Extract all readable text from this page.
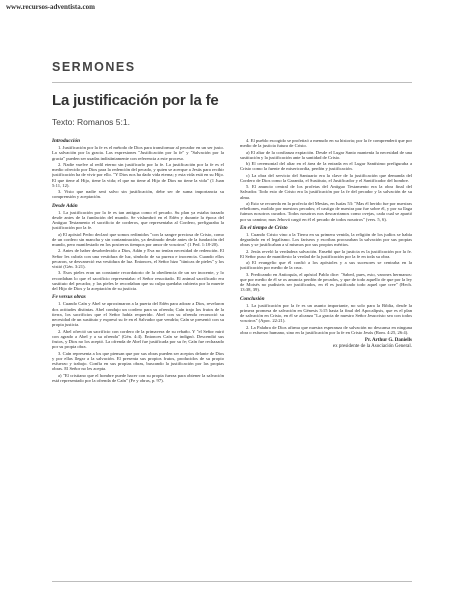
www.recursos-adventista.com
SERMONES
La justificación por la fe
Texto: Romanos 5:1.
Introducción

1. Justificación por la fe es el método de Dios para transformar al pecador en un ser justo. La salvación por la gracia. Las expresiones "Justificación por la fe" y "Salvación por la gracia" pueden ser usadas indistintamente con referencia a este proceso.

2. Nadie vuelve al redil eterno sin justificarlo por la fe. La justificación por la fe es el medio ofrecido por Dios para la redención del pecado, y quien se acerque a Jesús para recibir justificación ha de vivir por ello. "Y Dios nos ha dado vida eterna; y esta vida está en su Hijo. El que tiene al Hijo, tiene la vida; el que no tiene al Hijo de Dios no tiene la vida" (1 Juan 5:11, 12).

3. Visto que nadie será salvo sin justificación, debe ser de suma importancia su comprensión y aceptación.

Desde Adán

1. La justificación por la fe es tan antigua como el pecado. Su plan ya estaba trazado desde antes de la fundación del mundo. Se vislumbró en el Edén y durante la época del Antiguo Testamento el sacrificio de corderos, que representaba al Cordero, prefiguraba la justificación por la fe.

a) El apóstol Pedro declaró que somos redimidos "con la sangre preciosa de Cristo, como de un cordero sin mancha y sin contaminación, ya destinado desde antes de la fundación del mundo, pero manifestado en los postreros tiempos por amor de vosotros" (1 Ped. 1:18-20).

2. Antes de haber desobedecido a Dios, Adán y Eva no tenían necesidad de redención. El Señor les cubría con una vestidura de luz, símbolo de su pureza e inocencia. Cuando ellos pecaron, se desvaneció esa vestidura de luz. Entonces, el Señor hizo "túnicas de pieles" y los vistió (Gén. 3:21).

3. Esos pieles eran un constante recordatorio de la obediencia de un ser inocente, y lo recordaban lo que el sacrificio representaba: el Señor resucitado. El animal sacrificado era sustituto del pecador, y las pieles le recordaban que su culpa quedaba cubierta por la muerte del Hijo de Dios y la aceptación de su justicia.

Fe versus obras

1. Cuando Caín y Abel se aproximaron a la puerta del Edén para adorar a Dios, revelaron dos actitudes distintas. Abel condujo un cordero para su ofrenda; Caín trajo los frutos de la tierra, los sacrificios que el Señor había requerido. Abel con su ofrenda reconoció su necesidad de un sustituto y expresó su fe en el Salvador que vendría; Caín se presentó con su propia justicia.

2. Abel ofreció un sacrificio con cordero de la primavera de su rebaño. Y "el Señor miró con agrado a Abel y a su ofrenda" (Gén. 4:4). Entonces Caín se indignó. Descendió sus frutos, y Dios no los aceptó. La ofrenda de Abel fue justificada por su fe; Caín fue rechazado por su propia obra.

3. Caín representa a los que piensan que por sus obras pueden ser aceptos delante de Dios y por ellas llegar a la salvación. El presenta sus propios frutos, producidos de su propio esfuerzo y trabajo. Confía en sus propias obras, buscando la justificación por las propias obras. El Señor no les acepta.

a) "El cristiano que el hombre puede hacer con su propia fuerza para obtener la salvación está representado por la ofrenda de Caín" (Fe y obras, p. 97).

4. El pueblo escogido se profetizó a menudo en su historia; por la fe comprenderá que por medio de la justicia futura de Cristo.

a) El altar de la confianza expiación. Desde el Lugar Santo mantenía la necesidad de una sustitución y la justificación ante la santidad de Cristo.

b) El ceremonial del altar en el área de la entrada en el Lugar Santísimo prefiguraba a Cristo como la fuente de misericordia, perdón y justificación.

c) La obra del servicio del Santuario era la clave de la justificación que demanda del Cordero de Dios como la Garantía, el Sustituto, el Justificador y el Santificador del hombre.

5. El anuncio central de los profetas del Antiguo Testamento era la obra final del Salvador. Todo esto de Cristo era la justificación por la fe del pecador y la salvación de su alma.

a) Esto se recuerda en la profecía del Mesías, en Isaías 53: "Mas él herido fue por nuestras rebeliones, molido por nuestros pecados; el castigo de nuestra paz fue sobre él, y por su llaga fuimos nosotros curados. Todos nosotros nos descarriamos como ovejas, cada cual se apartó por su camino; mas Jehová cargó en él el pecado de todos nosotros" (vers. 5, 6).

En el tiempo de Cristo

1. Cuando Cristo vino a la Tierra en su primera venida, la religión de los judíos se había degradado en el legalismo. Los fariseos y escribas procuraban la salvación por sus propias obras y se justificaban a sí mismos por sus propios méritos.

2. Jesús reveló la verdadera salvación. Enseñó que la justicia es la justificación por la fe. El Señor puso de manifiesto la verdad de la justificación por la fe en toda su obra.

a) El evangelio que él confió a los apóstoles y a sus sucesores se centraba en la justificación por medio de la cruz.

3. Predicando en Antioquía, el apóstol Pablo dice: "Sabed, pues, esto, varones hermanos: que por medio de él se os anuncia perdón de pecados, y que de todo aquello de que por la ley de Moisés no pudisteis ser justificados, en él es justificado todo aquel que cree" (Hech. 13:38, 39).

Conclusión

1. La justificación por la fe es un asunto importante, no solo para la Biblia, desde la primera promesa de salvación en Génesis 3:15 hasta la final del Apocalipsis, que es el plan de salvación en Cristo, en él se alcanza "La gracia de nuestro Señor Jesucristo sea con todos vosotros" (Apoc. 22:21).

2. La Palabra de Dios afirma que nuestra esperanza de salvación no descansa en ninguna obra o esfuerzo humano, sino en la justificación por la fe en Cristo Jesús (Rom. 4:25, 26:4).

Pr. Arthur G. Daniells
ex presidente de la Asociación General.
